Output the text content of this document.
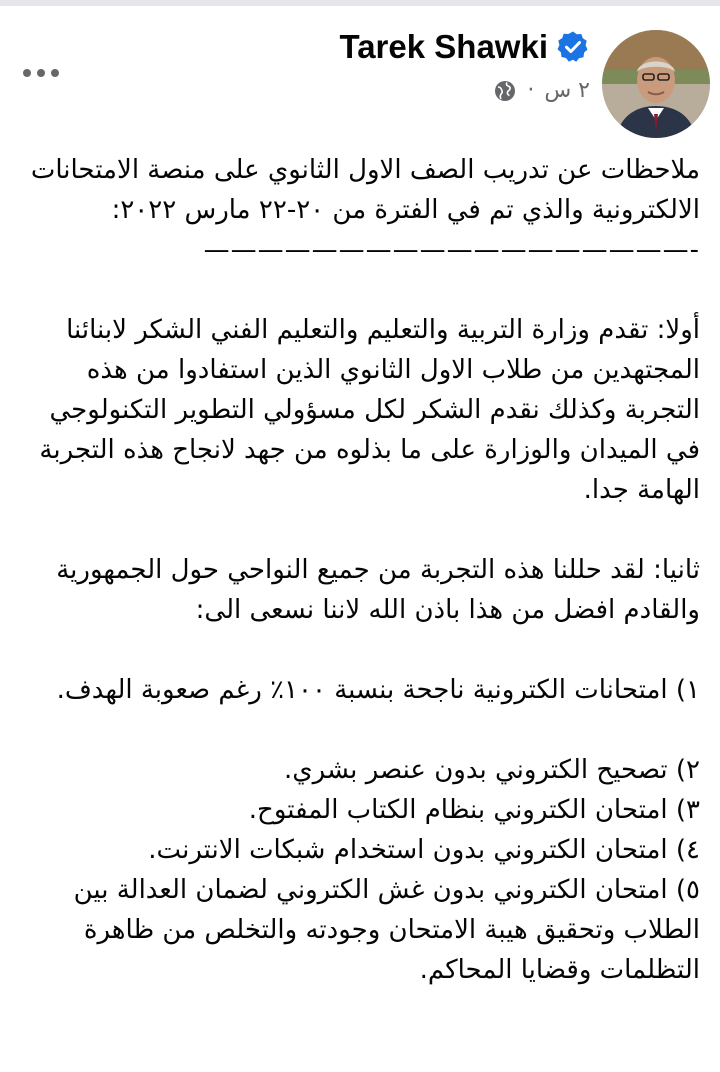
Tarek Shawki
٢ س
·

ملاحظات عن تدريب الصف الاول الثانوي على منصة الامتحانات الالكترونية والذي تم في الفترة من ٢٠-٢٢ مارس ٢٠٢٢:

——————————————————-

أولا: تقدم وزارة التربية والتعليم والتعليم الفني الشكر لابنائنا المجتهدين من طلاب الاول الثانوي الذين استفادوا من هذه التجربة وكذلك نقدم الشكر لكل مسؤولي التطوير التكنولوجي في الميدان والوزارة على ما بذلوه من جهد لانجاح هذه التجربة الهامة جدا.

ثانيا: لقد حللنا هذه التجربة من جميع النواحي حول الجمهورية والقادم افضل من هذا باذن الله لاننا نسعى الى:

١) امتحانات الكترونية ناجحة بنسبة ١٠٠٪ رغم صعوبة الهدف.

٢) تصحيح الكتروني بدون عنصر بشري.

٣) امتحان الكتروني بنظام الكتاب المفتوح.

٤) امتحان الكتروني بدون استخدام شبكات الانترنت.

٥) امتحان الكتروني بدون غش الكتروني لضمان العدالة بين الطلاب وتحقيق هيبة الامتحان وجودته والتخلص من ظاهرة التظلمات وقضايا المحاكم.
